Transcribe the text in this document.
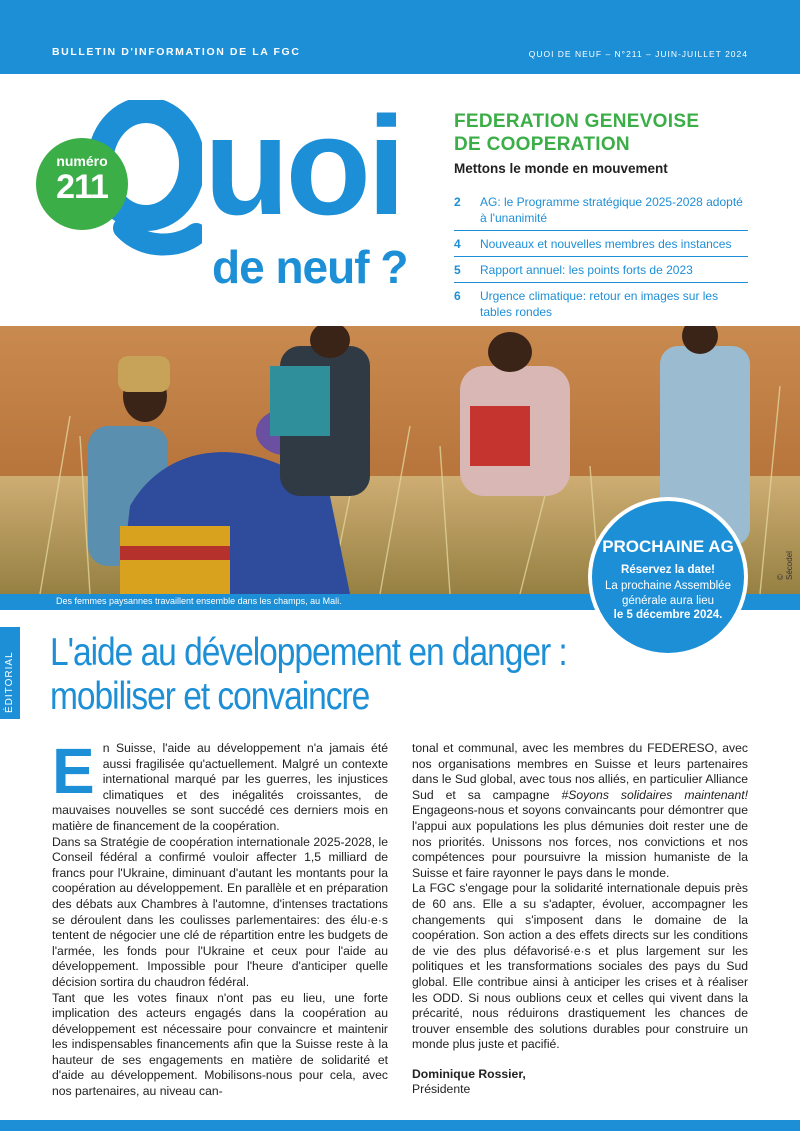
BULLETIN D'INFORMATION DE LA FGC	QUOI DE NEUF – N°211 – JUIN-JUILLET 2024
Q uoi
de neuf ?
numéro
211
FEDERATION GENEVOISE
DE COOPERATION
Mettons le monde en mouvement
2	AG: le Programme stratégique 2025-2028 adopté à l'unanimité
4	Nouveaux et nouvelles membres des instances
5	Rapport annuel: les points forts de 2023
6	Urgence climatique: retour en images sur les tables rondes
Des femmes paysannes travaillent ensemble dans les champs, au Mali.
© Sécodel
PROCHAINE AG
Réservez la date!
La prochaine Assemblée générale aura lieu
le 5 décembre 2024.
ÉDITORIAL L'aide au développement en danger :
mobiliser et convaincre

En Suisse, l'aide au développement n'a jamais été aussi fragilisée qu'actuellement. Malgré un contexte international marqué par les guerres, les injustices climatiques et des inégalités croissantes, de mauvaises nouvelles se sont succédé ces derniers mois en matière de financement de la coopération.

Dans sa Stratégie de coopération internationale 2025-2028, le Conseil fédéral a confirmé vouloir affecter 1,5 milliard de francs pour l'Ukraine, diminuant d'autant les montants pour la coopération au développement. En parallèle et en préparation des débats aux Chambres à l'automne, d'intenses tractations se déroulent dans les coulisses parlementaires: des élu·e·s tentent de négocier une clé de répartition entre les budgets de l'armée, les fonds pour l'Ukraine et ceux pour l'aide au développement. Impossible pour l'heure d'anticiper quelle décision sortira du chaudron fédéral.

Tant que les votes finaux n'ont pas eu lieu, une forte implication des acteurs engagés dans la coopération au développement est nécessaire pour convaincre et maintenir les indispensables financements afin que la Suisse reste à la hauteur de ses engagements en matière de solidarité et d'aide au développement. Mobilisons-nous pour cela, avec nos partenaires, au niveau can-

tonal et communal, avec les membres du FEDERESO, avec nos organisations membres en Suisse et leurs partenaires dans le Sud global, avec tous nos alliés, en particulier Alliance Sud et sa campagne #Soyons solidaires maintenant! Engageons-nous et soyons convaincants pour démontrer que l'appui aux populations les plus démunies doit rester une de nos priorités. Unissons nos forces, nos convictions et nos compétences pour poursuivre la mission humaniste de la Suisse et faire rayonner le pays dans le monde.

La FGC s'engage pour la solidarité internationale depuis près de 60 ans. Elle a su s'adapter, évoluer, accompagner les changements qui s'imposent dans le domaine de la coopération. Son action a des effets directs sur les conditions de vie des plus défavorisé·e·s et plus largement sur les politiques et les transformations sociales des pays du Sud global. Elle contribue ainsi à anticiper les crises et à réaliser les ODD. Si nous oublions ceux et celles qui vivent dans la précarité, nous réduirons drastiquement les chances de trouver ensemble des solutions durables pour construire un monde plus juste et pacifié.

Dominique Rossier,

Présidente
